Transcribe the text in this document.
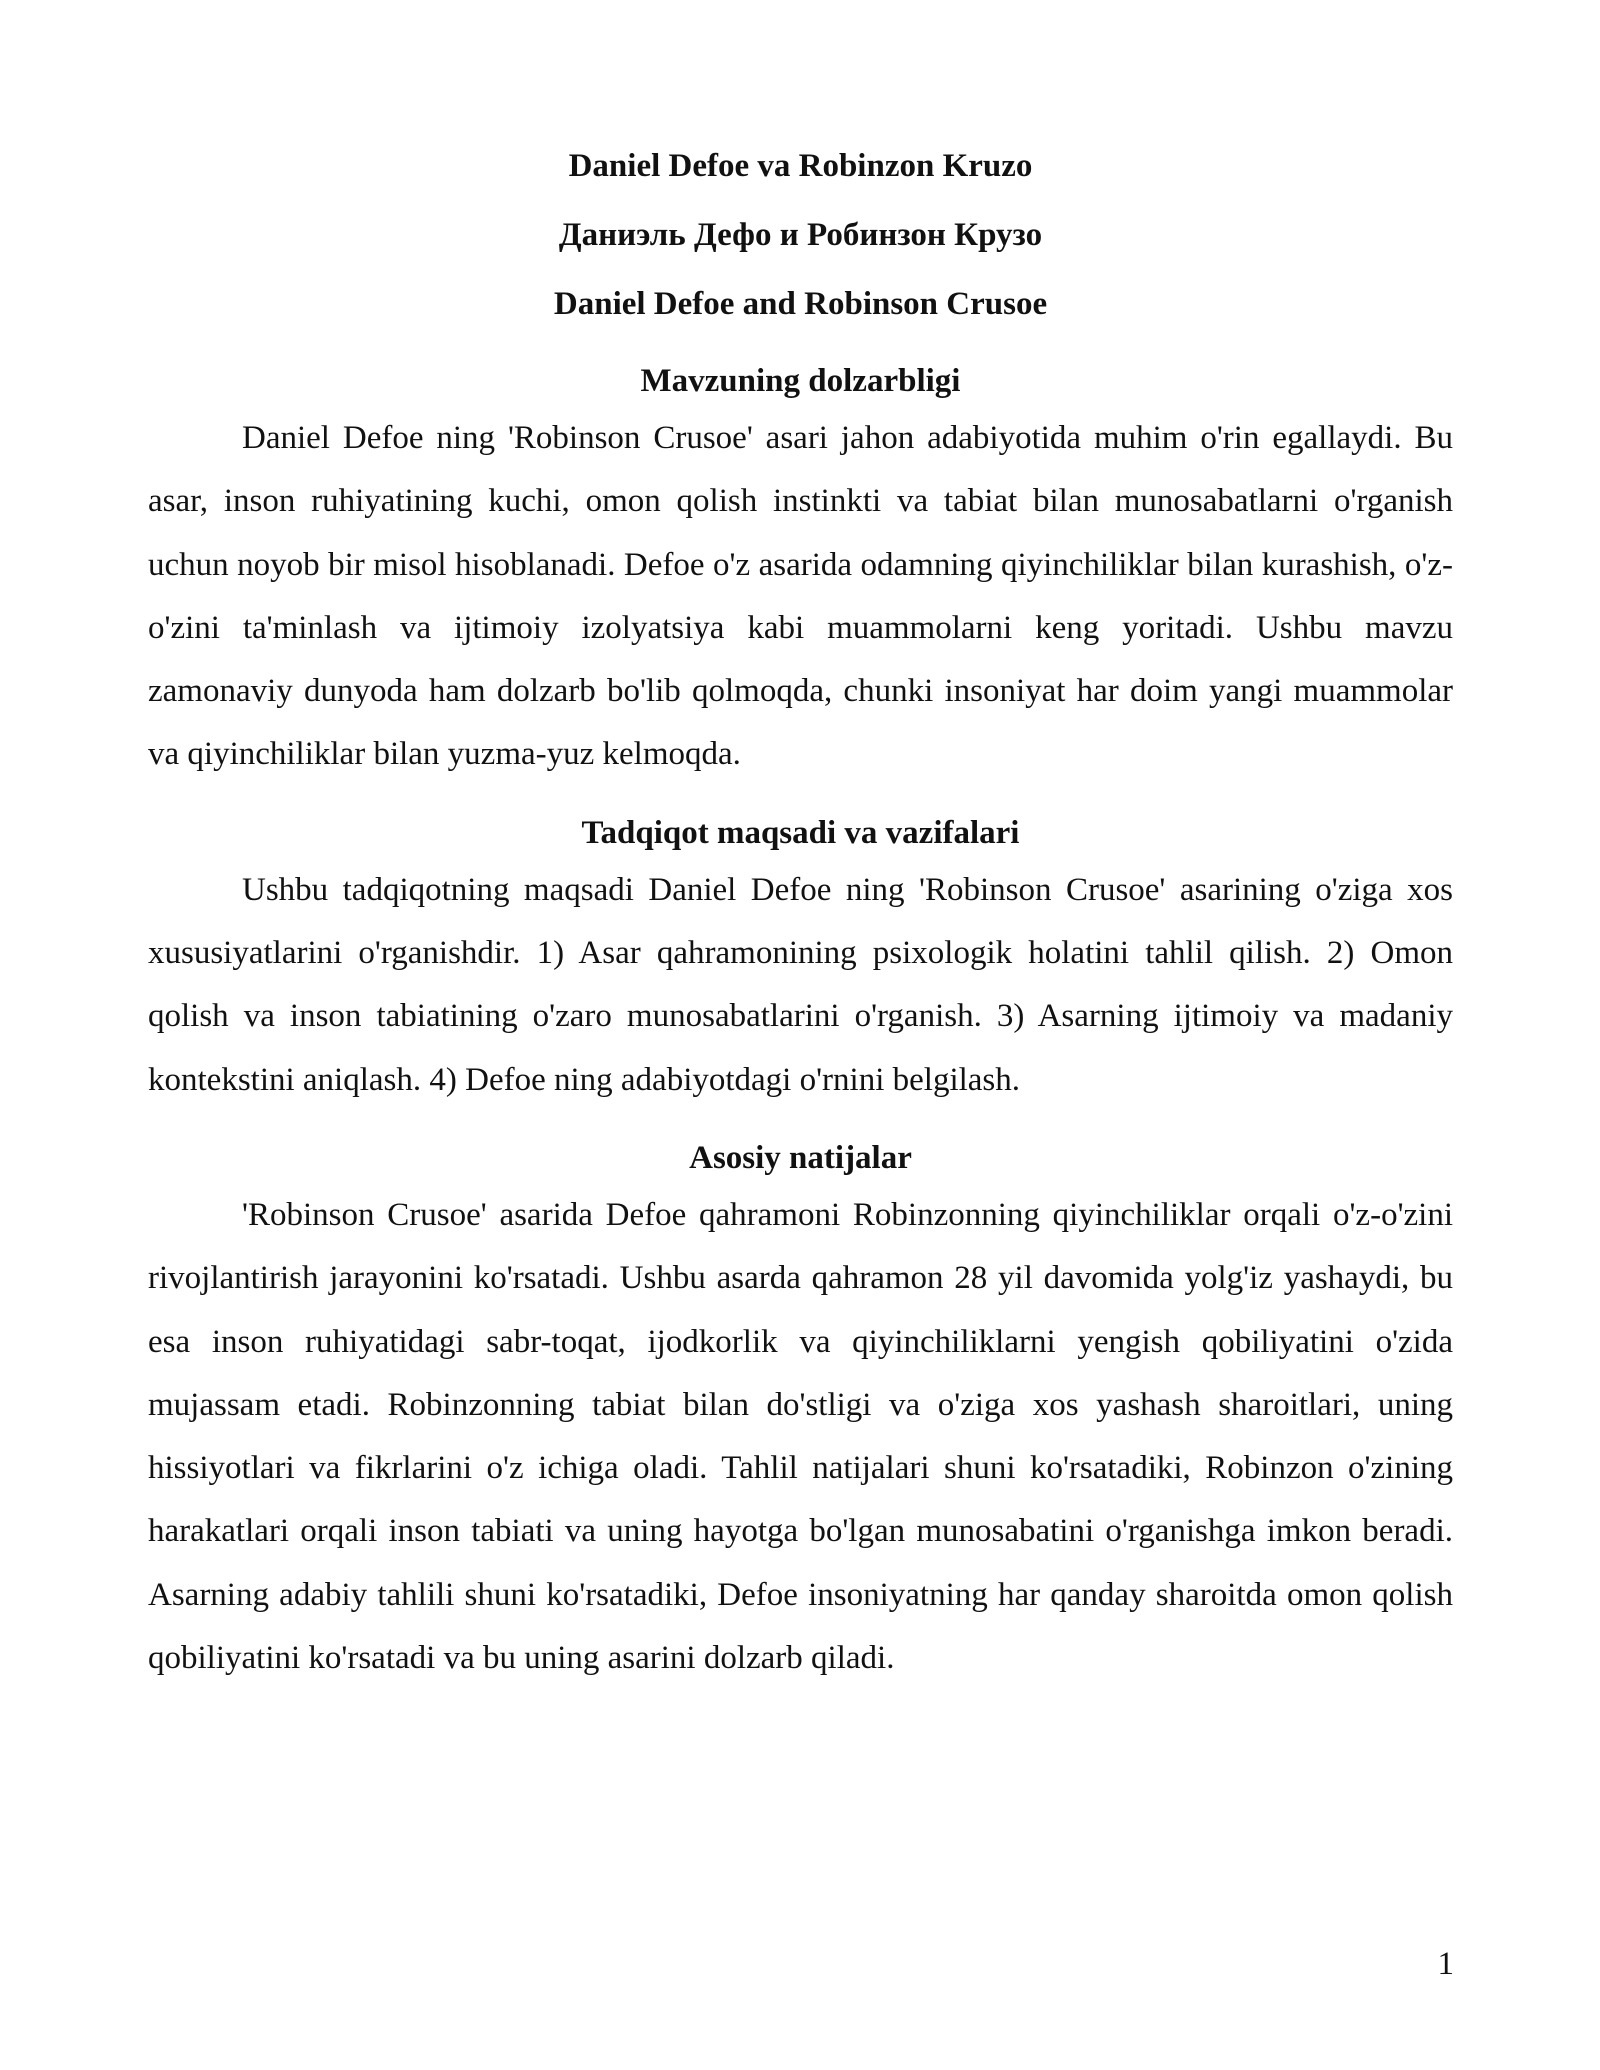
Daniel Defoe va Robinzon Kruzo
Даниэль Дефо и Робинзон Крузо
Daniel Defoe and Robinson Crusoe
Mavzuning dolzarbligi

Daniel Defoe ning 'Robinson Crusoe' asari jahon adabiyotida muhim o'rin egallaydi. Bu asar, inson ruhiyatining kuchi, omon qolish instinkti va tabiat bilan munosabatlarni o'rganish uchun noyob bir misol hisoblanadi. Defoe o'z asarida odamning qiyinchiliklar bilan kurashish, o'z-o'zini ta'minlash va ijtimoiy izolyatsiya kabi muammolarni keng yoritadi. Ushbu mavzu zamonaviy dunyoda ham dolzarb bo'lib qolmoqda, chunki insoniyat har doim yangi muammolar va qiyinchiliklar bilan yuzma-yuz kelmoqda.

Tadqiqot maqsadi va vazifalari

Ushbu tadqiqotning maqsadi Daniel Defoe ning 'Robinson Crusoe' asarining o'ziga xos xususiyatlarini o'rganishdir. 1) Asar qahramonining psixologik holatini tahlil qilish. 2) Omon qolish va inson tabiatining o'zaro munosabatlarini o'rganish. 3) Asarning ijtimoiy va madaniy kontekstini aniqlash. 4) Defoe ning adabiyotdagi o'rnini belgilash.

Asosiy natijalar

'Robinson Crusoe' asarida Defoe qahramoni Robinzonning qiyinchiliklar orqali o'z-o'zini rivojlantirish jarayonini ko'rsatadi. Ushbu asarda qahramon 28 yil davomida yolg'iz yashaydi, bu esa inson ruhiyatidagi sabr-toqat, ijodkorlik va qiyinchiliklarni yengish qobiliyatini o'zida mujassam etadi. Robinzonning tabiat bilan do'stligi va o'ziga xos yashash sharoitlari, uning hissiyotlari va fikrlarini o'z ichiga oladi. Tahlil natijalari shuni ko'rsatadiki, Robinzon o'zining harakatlari orqali inson tabiati va uning hayotga bo'lgan munosabatini o'rganishga imkon beradi. Asarning adabiy tahlili shuni ko'rsatadiki, Defoe insoniyatning har qanday sharoitda omon qolish qobiliyatini ko'rsatadi va bu uning asarini dolzarb qiladi.

1
